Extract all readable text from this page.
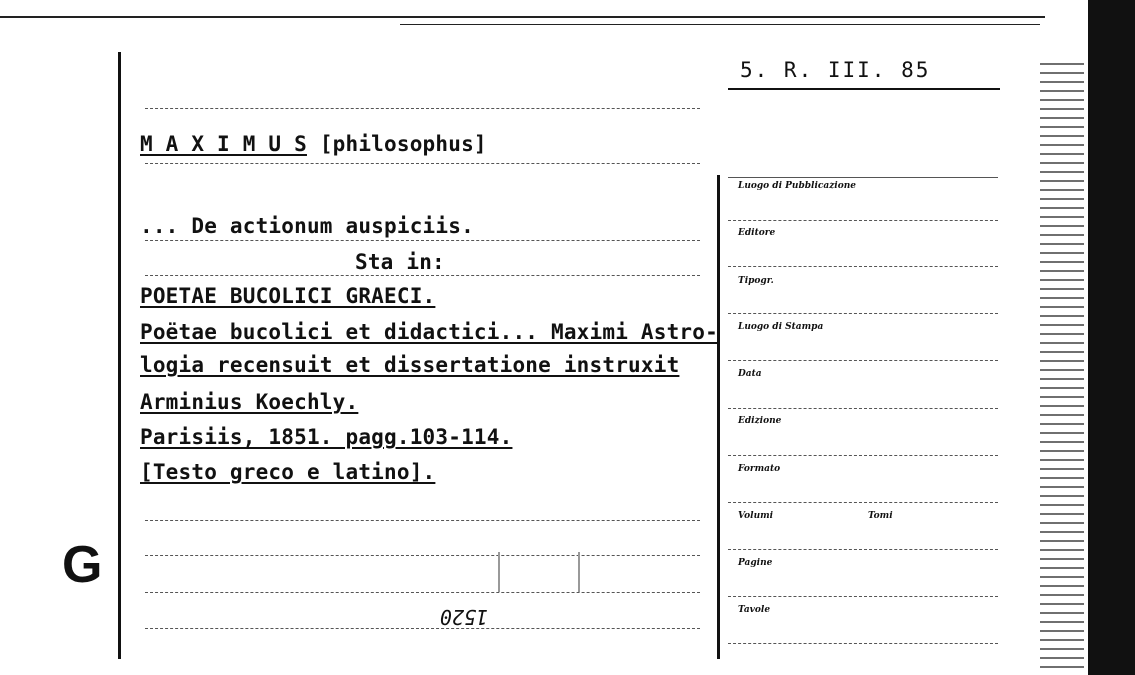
5. R. III. 85
M A X I M U S [philosophus]
... De actionum auspiciis.
Sta in:
POETAE BUCOLICI GRAECI.
Poëtae bucolici et didactici... Maximi Astro-
logia recensuit et dissertatione instruxit
Arminius Koechly.
Parisiis, 1851. pagg.103-114.
[Testo greco e latino].
1520
G
Luogo di Pubblicazione
Editore
Tipogr.
Luogo di Stampa
Data
Edizione
Formato
Volumi	Tomi
Pagine
Tavole
